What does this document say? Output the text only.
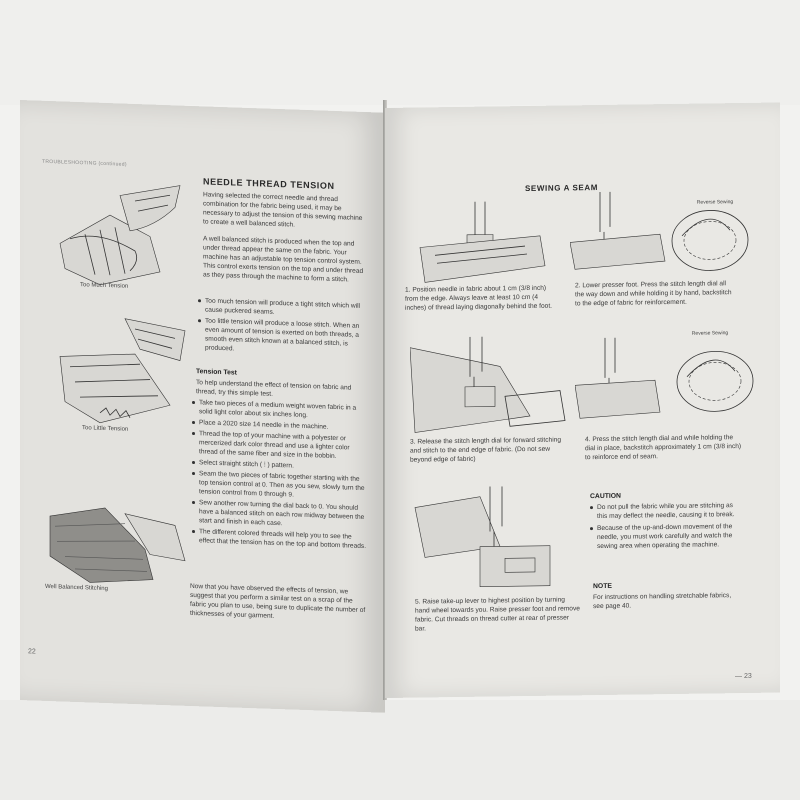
TROUBLESHOOTING (continued)
Too Much Tension
Too Little Tension
Well Balanced Stitching
NEEDLE THREAD TENSION
Having selected the correct needle and thread combination for the fabric being used, it may be necessary to adjust the tension of this sewing machine to create a well balanced stitch.
A well balanced stitch is produced when the top and under thread appear the same on the fabric. Your machine has an adjustable top tension control system. This control exerts tension on the top and under thread as they pass through the machine to form a stitch.
Too much tension will produce a tight stitch which will cause puckered seams.
Too little tension will produce a loose stitch. When an even amount of tension is exerted on both threads, a smooth even stitch known at a balanced stitch, is produced.
Tension Test
To help understand the effect of tension on fabric and thread, try this simple test.
Take two pieces of a medium weight woven fabric in a solid light color about six inches long.
Place a 2020 size 14 needle in the machine.
Thread the top of your machine with a polyester or mercerized dark color thread and use a lighter color thread of the same fiber and size in the bobbin.
Select straight stitch ( ⁞ ) pattern.
Seam the two pieces of fabric together starting with the top tension control at 0. Then as you sew, slowly turn the tension control from 0 through 9.
Sew another row turning the dial back to 0. You should have a balanced stitch on each row midway between the start and finish in each case.
The different colored threads will help you to see the effect that the tension has on the top and bottom threads.
Now that you have observed the effects of tension, we suggest that you perform a similar test on a scrap of the fabric you plan to use, being sure to duplicate the number of thicknesses of your garment.
22
SEWING A SEAM
1. Position needle in fabric about 1 cm (3/8 inch) from the edge. Always leave at least 10 cm (4 inches) of thread laying diagonally behind the foot.
Reverse Sewing
2. Lower presser foot. Press the stitch length dial all the way down and while holding it by hand, backstitch to the edge of fabric for reinforcement.
3. Release the stitch length dial for forward stitching and stitch to the end edge of fabric. (Do not sew beyond edge of fabric)
Reverse Sewing
4. Press the stitch length dial and while holding the dial in place, backstitch approximately 1 cm (3/8 inch) to reinforce end of seam.
5. Raise take-up lever to highest position by turning hand wheel towards you. Raise presser foot and remove fabric. Cut threads on thread cutter at rear of presser bar.
CAUTION
Do not pull the fabric while you are stitching as this may deflect the needle, causing it to break.
Because of the up-and-down movement of the needle, you must work carefully and watch the sewing area when operating the machine.
NOTE
For instructions on handling stretchable fabrics, see page 40.
— 23
